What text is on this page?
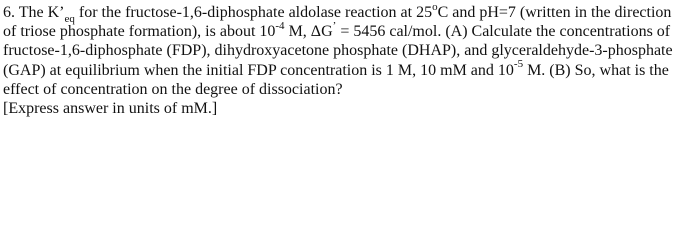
6. The $K’_{eq}$ for the fructose-1,6-diphosphate aldolase reaction at 25$^o$C and pH=7 (written in the direction
of triose phosphate formation), is about $10^{-4}$ M, ΔG’ = 5456 cal/mol. (A) Calculate the concentrations of
fructose-1,6-diphosphate (FDP), dihydroxyacetone phosphate (DHAP), and glyceraldehyde-3-phosphate
(GAP) at equilibrium when the initial FDP concentration is 1 M, 10 mM and $10^{-5}$ M. (B) So, what is the
effect of concentration on the degree of dissociation?
[Express answer in units of mM.]
